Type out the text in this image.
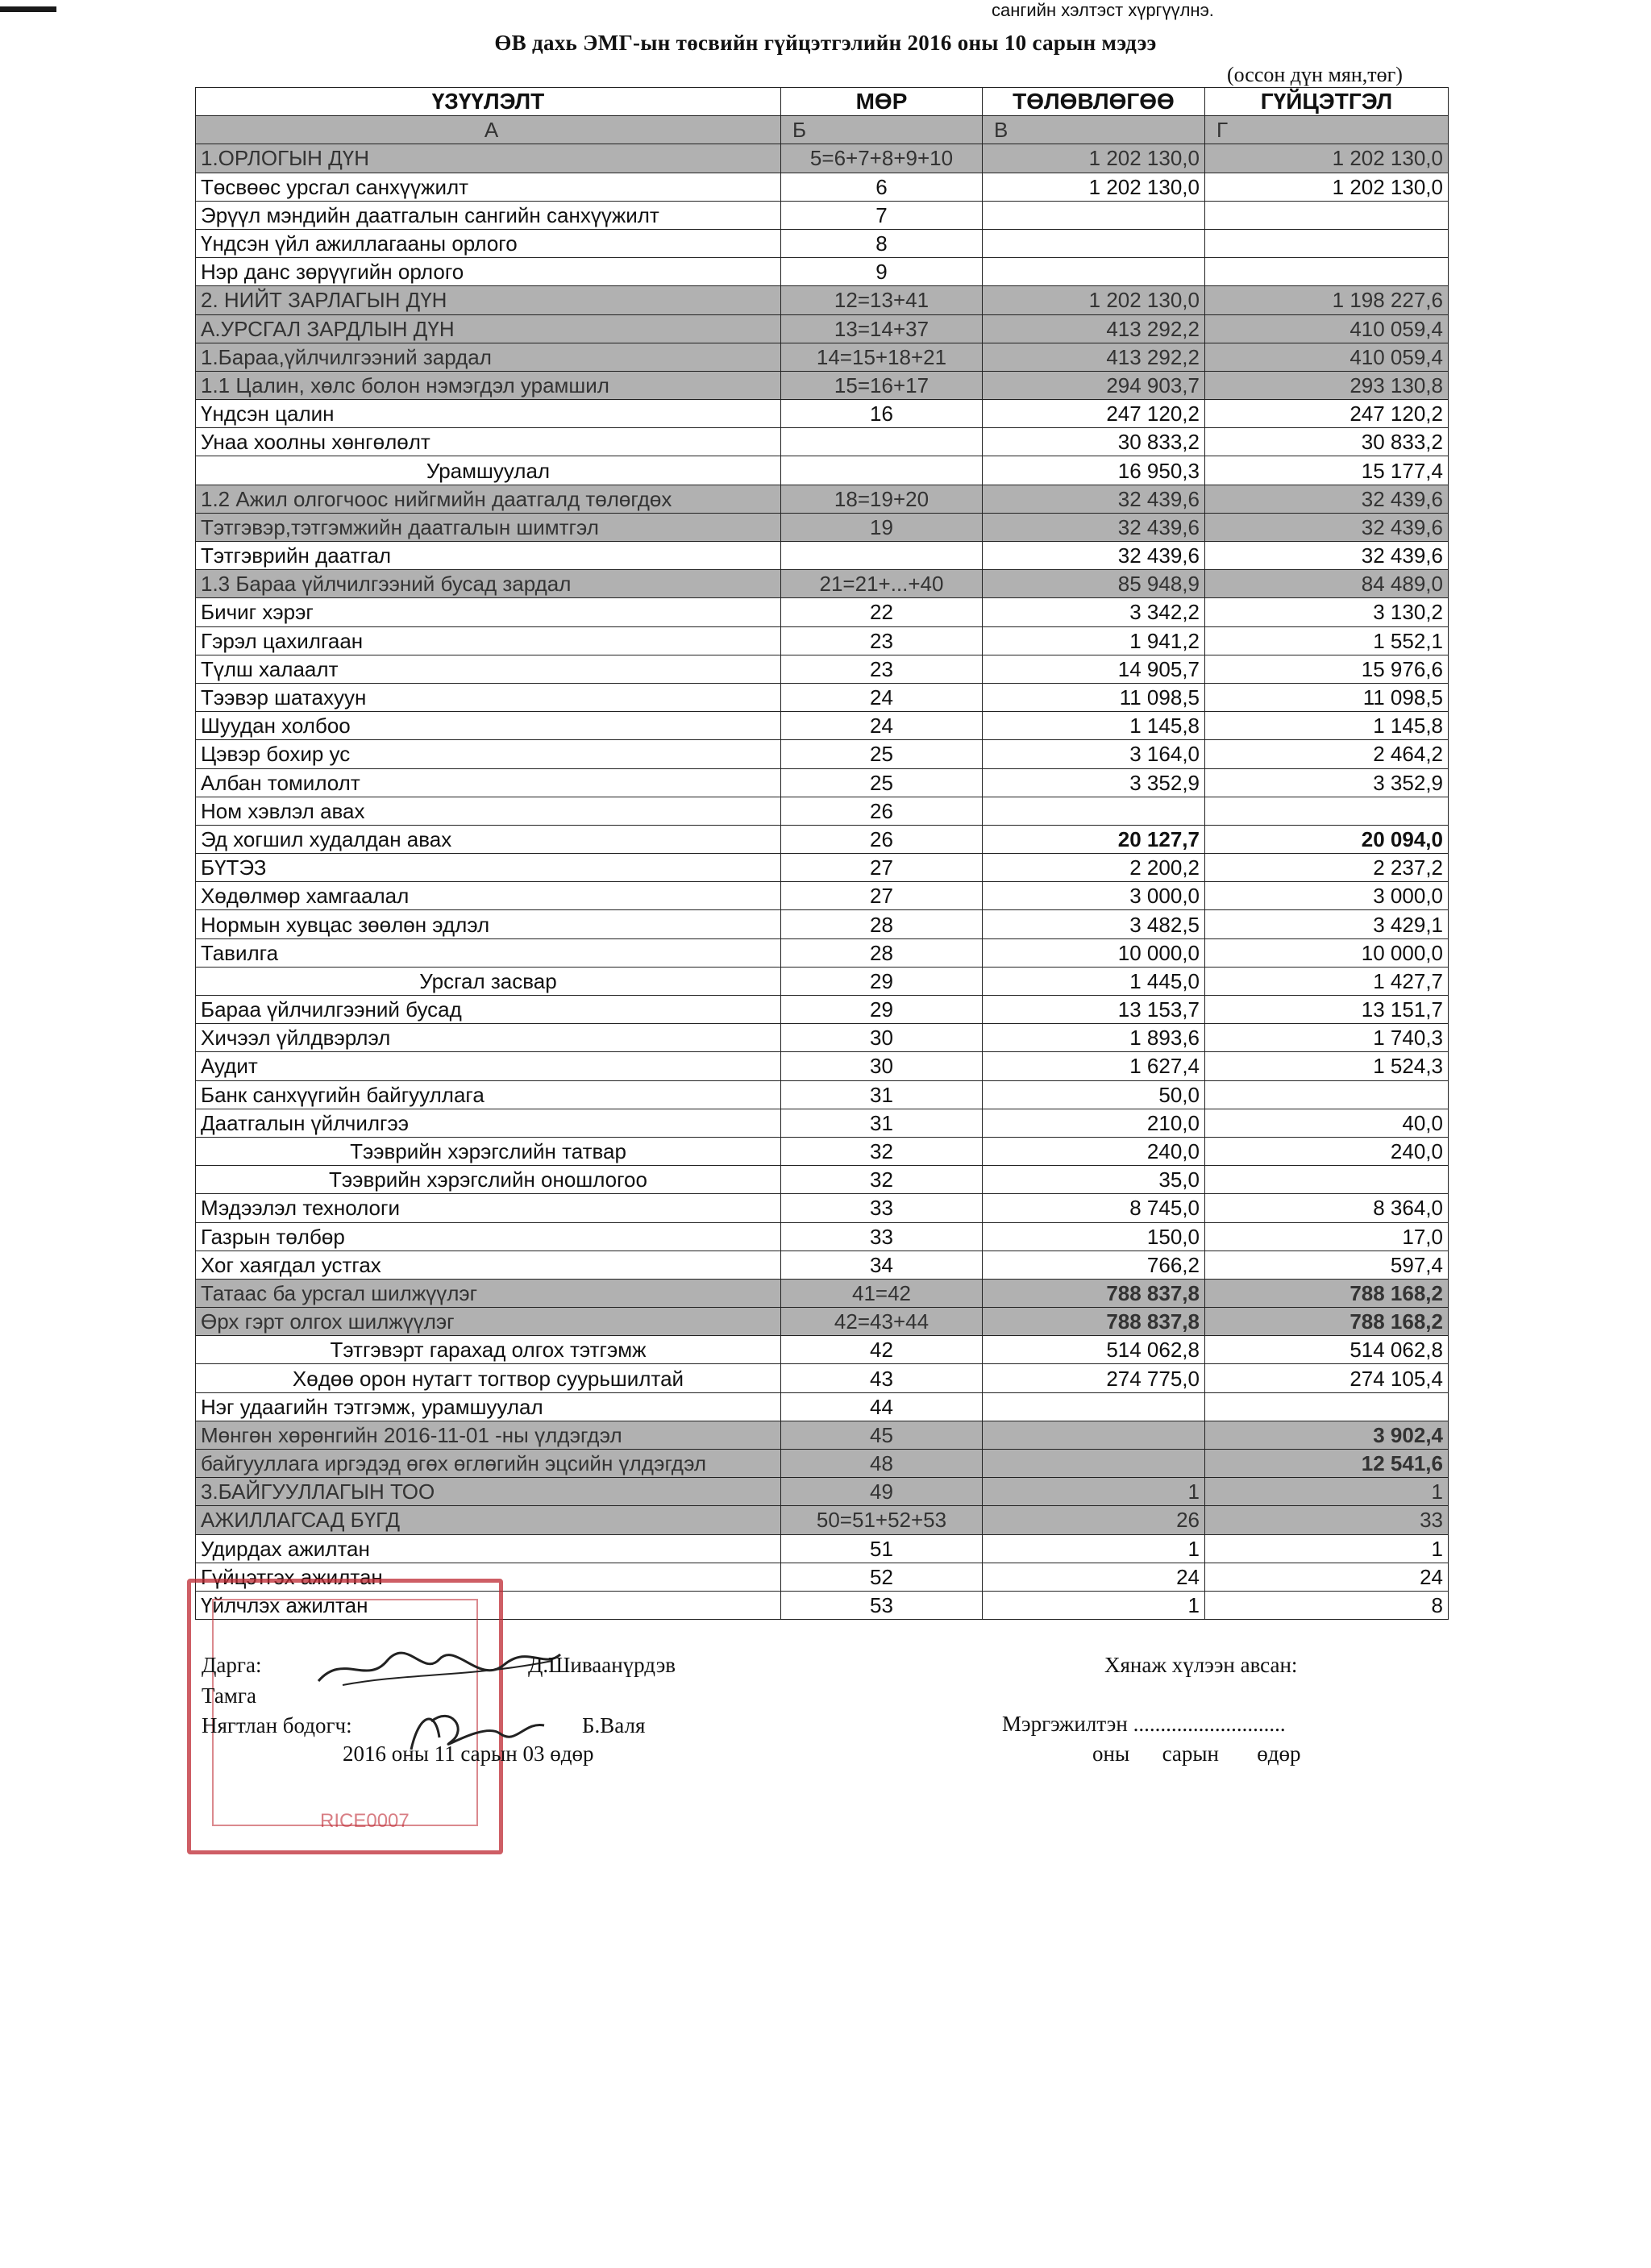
сангийн хэлтэст хүргүүлнэ.
ӨВ дахь ЭМГ-ын төсвийн гүйцэтгэлийн 2016 оны 10 сарын мэдээ
(оссон дүн мян,төг)
ҮЗҮҮЛЭЛТ	МӨР	ТӨЛӨВЛӨГӨӨ	ГҮЙЦЭТГЭЛ
А	Б	В	Г
1.ОРЛОГЫН ДҮН	5=6+7+8+9+10	1 202 130,0	1 202 130,0
Төсвөөс урсгал санхүүжилт	6	1 202 130,0	1 202 130,0
Эрүүл мэндийн даатгалын сангийн санхүүжилт	7		
Үндсэн үйл ажиллагааны орлого	8		
Нэр данс зөрүүгийн орлого	9		
2. НИЙТ ЗАРЛАГЫН ДҮН	12=13+41	1 202 130,0	1 198 227,6
А.УРСГАЛ ЗАРДЛЫН ДҮН	13=14+37	413 292,2	410 059,4
1.Бараа,үйлчилгээний зардал	14=15+18+21	413 292,2	410 059,4
1.1 Цалин, хөлс болон нэмэгдэл урамшил	15=16+17	294 903,7	293 130,8
Үндсэн цалин	16	247 120,2	247 120,2
Унаа хоолны хөнгөлөлт		30 833,2	30 833,2
Урамшуулал		16 950,3	15 177,4
1.2 Ажил олгогчоос нийгмийн даатгалд төлөгдөх	18=19+20	32 439,6	32 439,6
Тэтгэвэр,тэтгэмжийн даатгалын шимтгэл	19	32 439,6	32 439,6
Тэтгэврийн даатгал		32 439,6	32 439,6
1.3 Бараа үйлчилгээний бусад зардал	21=21+...+40	85 948,9	84 489,0
Бичиг хэрэг	22	3 342,2	3 130,2
Гэрэл цахилгаан	23	1 941,2	1 552,1
Түлш халаалт	23	14 905,7	15 976,6
Тээвэр шатахуун	24	11 098,5	11 098,5
Шуудан холбоо	24	1 145,8	1 145,8
Цэвэр бохир ус	25	3 164,0	2 464,2
Албан томилолт	25	3 352,9	3 352,9
Ном хэвлэл авах	26		
Эд хогшил худалдан авах	26	20 127,7	20 094,0
БҮТЭЗ	27	2 200,2	2 237,2
Хөдөлмөр хамгаалал	27	3 000,0	3 000,0
Нормын хувцас зөөлөн эдлэл	28	3 482,5	3 429,1
Тавилга	28	10 000,0	10 000,0
Урсгал засвар	29	1 445,0	1 427,7
Бараа үйлчилгээний бусад	29	13 153,7	13 151,7
Хичээл үйлдвэрлэл	30	1 893,6	1 740,3
Аудит	30	1 627,4	1 524,3
Банк санхүүгийн байгууллага	31	50,0	
Даатгалын үйлчилгээ	31	210,0	40,0
Тээврийн хэрэгслийн татвар	32	240,0	240,0
Тээврийн хэрэгслийн оношлогоо	32	35,0	
Мэдээлэл технологи	33	8 745,0	8 364,0
Газрын төлбөр	33	150,0	17,0
Хог хаягдал устгах	34	766,2	597,4
Татаас ба урсгал шилжүүлэг	41=42	788 837,8	788 168,2
Өрх гэрт олгох шилжүүлэг	42=43+44	788 837,8	788 168,2
Тэтгэвэрт гарахад олгох тэтгэмж	42	514 062,8	514 062,8
Хөдөө орон нутагт тогтвор суурьшилтай	43	274 775,0	274 105,4
Нэг удаагийн тэтгэмж, урамшуулал	44		
Мөнгөн хөрөнгийн 2016-11-01 -ны үлдэгдэл	45		3 902,4
байгууллага иргэдэд өгөх өглөгийн эцсийн үлдэгдэл	48		12 541,6
3.БАЙГУУЛЛАГЫН ТОО	49	1	1
АЖИЛЛАГСАД БҮГД	50=51+52+53	26	33
Удирдах ажилтан	51	1	1
Гүйцэтгэх ажилтан	52	24	24
Үйлчлэх ажилтан	53	1	8
RICE0007
Дарга:	Д.Шиваанүрдэв
Тамга
Нягтлан бодогч:	Б.Валя
2016 оны 11 сарын 03 өдөр
Хянаж хүлээн авсан:
Мэргэжилтэн ............................
оны      сарын       өдөр
